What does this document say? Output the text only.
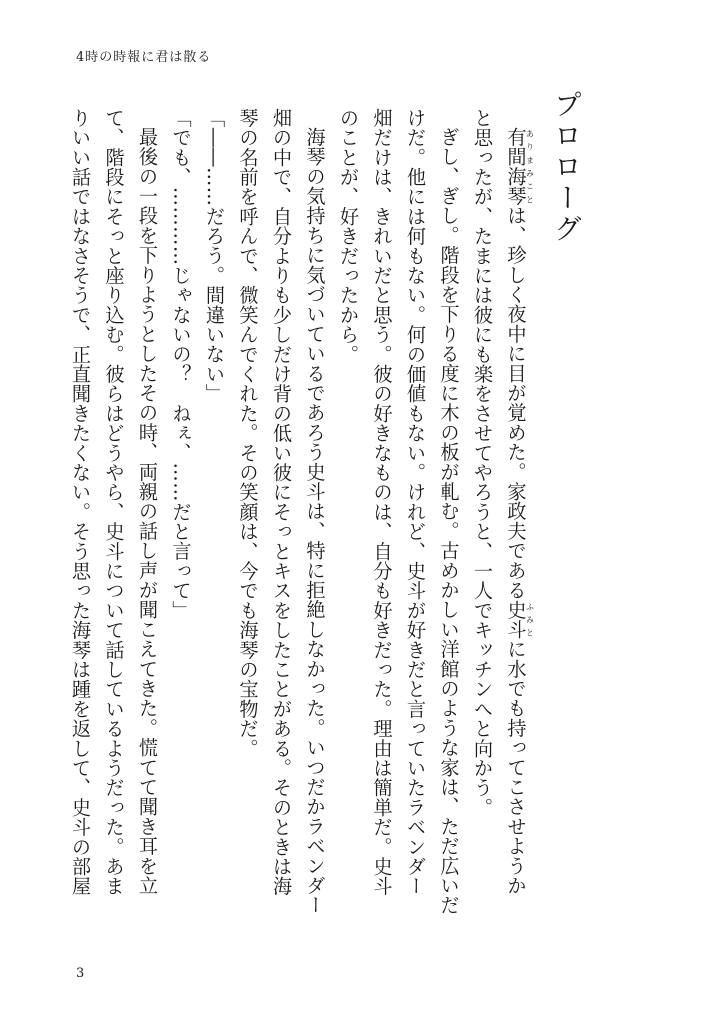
4時の時報に君は散る
プロローグ

有間海琴ありまみことは、珍しく夜中に目が覚めた。家政夫である史斗ふみとに水でも持ってこさせようか

と思ったが、たまには彼にも楽をさせてやろうと、一人でキッチンへと向かう。

ぎし、ぎし。階段を下りる度に木の板が軋む。古めかしい洋館のような家は、ただ広いだ

けだ。他には何もない。何の価値もない。けれど、史斗が好きだと言っていたラベンダー

畑だけは、きれいだと思う。彼の好きなものは、自分も好きだった。理由は簡単だ。史斗

のことが、好きだったから。

海琴の気持ちに気づいているであろう史斗は、特に拒絶しなかった。いつだかラベンダー

畑の中で、自分よりも少しだけ背の低い彼にそっとキスをしたことがある。そのときは海

琴の名前を呼んで、微笑んでくれた。その笑顔は、今でも海琴の宝物だ。

「――……だろう。間違いない」

「でも、…………じゃないの？　ねぇ、……だと言って」

最後の一段を下りようとしたその時、両親の話し声が聞こえてきた。慌てて聞き耳を立

て、階段にそっと座り込む。彼らはどうやら、史斗について話しているようだった。あま

りいい話ではなさそうで、正直聞きたくない。そう思った海琴は踵を返して、史斗の部屋

3
